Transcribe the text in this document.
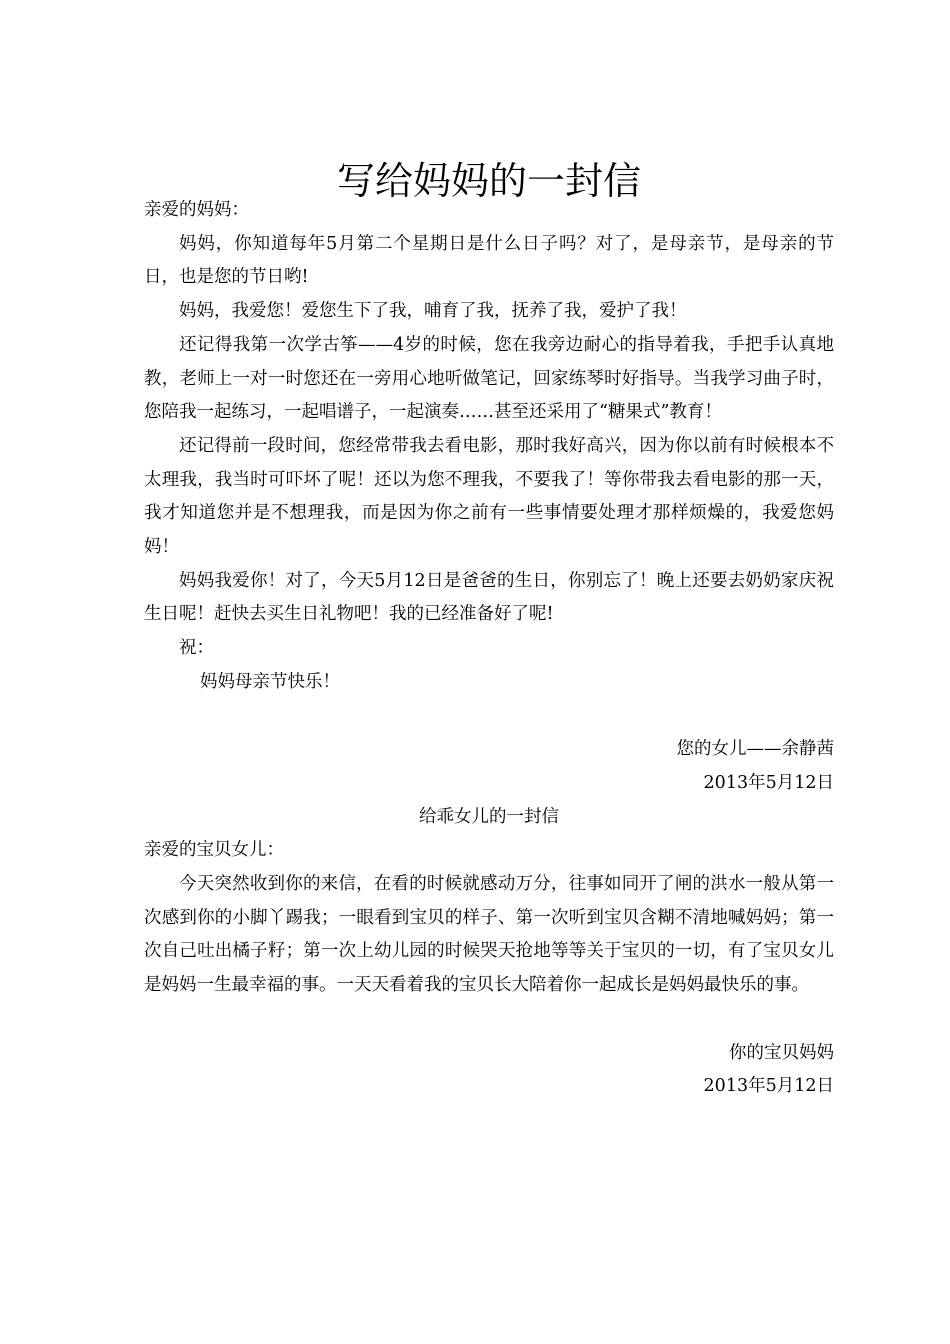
写给妈妈的一封信

亲爱的妈妈：

妈妈，你知道每年5月第二个星期日是什么日子吗？对了，是母亲节，是母亲的节日，也是您的节日哟!

妈妈，我爱您！爱您生下了我，哺育了我，抚养了我，爱护了我！

还记得我第一次学古筝——4岁的时候，您在我旁边耐心的指导着我，手把手认真地教，老师上一对一时您还在一旁用心地听做笔记，回家练琴时好指导。当我学习曲子时，您陪我一起练习，一起唱谱子，一起演奏……甚至还采用了“糖果式”教育！

还记得前一段时间，您经常带我去看电影，那时我好高兴，因为你以前有时候根本不太理我，我当时可吓坏了呢！还以为您不理我，不要我了！等你带我去看电影的那一天，我才知道您并是不想理我，而是因为你之前有一些事情要处理才那样烦燥的，我爱您妈妈！

妈妈我爱你！对了，今天5月12日是爸爸的生日，你别忘了！晚上还要去奶奶家庆祝生日呢！赶快去买生日礼物吧！我的已经准备好了呢!

祝：

妈妈母亲节快乐！

您的女儿——余静茜

2013年5月12日

给乖女儿的一封信

亲爱的宝贝女儿：

今天突然收到你的来信，在看的时候就感动万分，往事如同开了闸的洪水一般从第一次感到你的小脚丫踢我；一眼看到宝贝的样子、第一次听到宝贝含糊不清地喊妈妈；第一次自己吐出橘子籽；第一次上幼儿园的时候哭天抢地等等关于宝贝的一切，有了宝贝女儿是妈妈一生最幸福的事。一天天看着我的宝贝长大陪着你一起成长是妈妈最快乐的事。

你的宝贝妈妈

2013年5月12日
